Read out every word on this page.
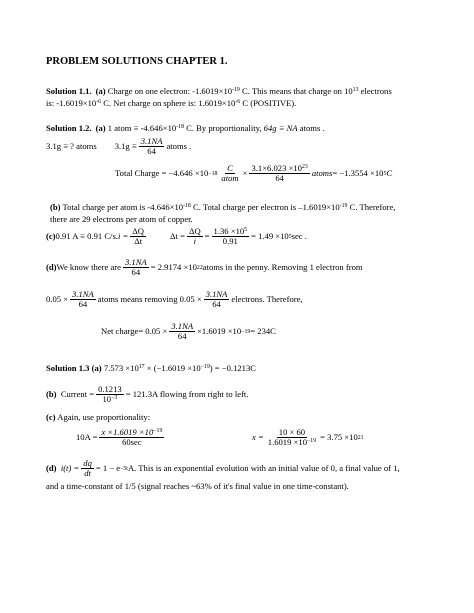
PROBLEM SOLUTIONS CHAPTER 1.
Solution 1.1. (a) Charge on one electron: $-1.6019\times 10^{-19}$ C. This means that charge on $10^{13}$ electrons
is: $-1.6019\times 10^{-6}$ C. Net charge on sphere is: $1.6019\times 10^{-6}$ C (POSITIVE).
Solution 1.2. (a) 1 atom ≡ $-4.646\times 10^{-18}$ C. By proportionality, 64g ≡ NA atoms .
3.1g ≡ ? atoms $3.1g \equiv \frac{3.1NA}{64}$ atoms .
Total Charge
= $-4.646 \times 10 -18 \frac{C}{\text{atom}} \times \frac{3.1\times 6.023 \times 10^{23}}{64}$ atoms = −1.3554 ×10 5 C
(b) Total charge per atom is $-4.646\times 10^{-18}$ C. Total charge per electron is $-1.6019\times 10^{-19}$ C. Therefore,
there are 29 electrons per atom of copper.
(c) 0.91 A ≡ 0.91 C/s. $i = \frac{\Delta Q}{\Delta t}$	$\Delta t = \frac{\Delta Q}{i} = \frac{1.36 \times 10^5}{0.91} = 1.49 \times 10$ 5 sec .
(d) We know there are $\frac{3.1NA}{64} = 2.9174 \times 10$ 22 atoms in the penny. Removing 1 electron from
$0.05 \times \frac{3.1NA}{64}$ atoms means removing $0.05 \times \frac{3.1NA}{64}$ electrons. Therefore,
Net charge = $0.05 \times \frac{3.1NA}{64} \times 1.6019 \times 10 -19 = 234C$
Solution 1.3 (a) $7.573 \times 10^{17} \times (-1.6019 \times 10^{-19}) = -0.1213C$
(b)
Current = $\frac{0.1213}{10^{-3}} = 121.3A$ flowing from right to left.
(c) Again, use proportionality:
$10A = \frac{x \times 1.6019 \times 10^{-19}}{60\sec}$	$x = \frac{10 \times 60}{1.6019 \times 10^{-19}} = 3.75 \times 10$ 21
(d)
$i(t) = \frac{dq}{dt} = 1 - e -5t$ A. This is an exponential evolution with an initial value of 0, a final value of 1,
and a time-constant of 1/5 (signal reaches ~63% of it's final value in one time-constant).
